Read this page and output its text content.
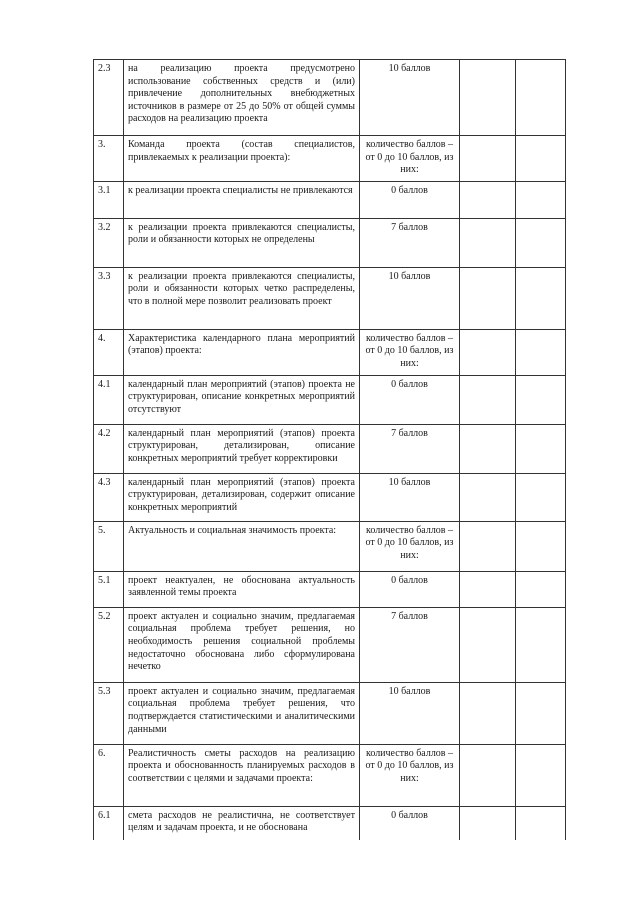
2.3	на реализацию проекта предусмотрено использование собственных средств и (или) привлечение дополнительных внебюджетных источников в размере от 25 до 50% от общей суммы расходов на реализацию проекта	10 баллов		
3.	Команда проекта (состав специалистов, привлекаемых к реализации проекта):	количество баллов – от 0 до 10 баллов, из них:		
3.1	к реализации проекта специалисты не привлекаются	0 баллов		
3.2	к реализации проекта привлекаются специалисты, роли и обязанности которых не определены	7 баллов		
3.3	к реализации проекта привлекаются специалисты, роли и обязанности которых четко распределены, что в полной мере позволит реализовать проект	10 баллов		
4.	Характеристика календарного плана мероприятий (этапов) проекта:	количество баллов – от 0 до 10 баллов, из них:		
4.1	календарный план мероприятий (этапов) проекта не структурирован, описание конкретных мероприятий отсутствуют	0 баллов		
4.2	календарный план мероприятий (этапов) проекта структурирован, детализирован, описание конкретных мероприятий требует корректировки	7 баллов		
4.3	календарный план мероприятий (этапов) проекта структурирован, детализирован, содержит описание конкретных мероприятий	10 баллов		
5.	Актуальность и социальная значимость проекта:	количество баллов – от 0 до 10 баллов, из них:		
5.1	проект неактуален, не обоснована актуальность заявленной темы проекта	0 баллов		
5.2	проект актуален и социально значим, предлагаемая социальная проблема требует решения, но необходимость решения социальной проблемы недостаточно обоснована либо сформулирована нечетко	7 баллов		
5.3	проект актуален и социально значим, предлагаемая социальная проблема требует решения, что подтверждается статистическими и аналитическими данными	10 баллов		
6.	Реалистичность сметы расходов на реализацию проекта и обоснованность планируемых расходов в соответствии с целями и задачами проекта:	количество баллов – от 0 до 10 баллов, из них:		
6.1	смета расходов не реалистична, не соответствует целям и задачам проекта, и не обоснована	0 баллов		
